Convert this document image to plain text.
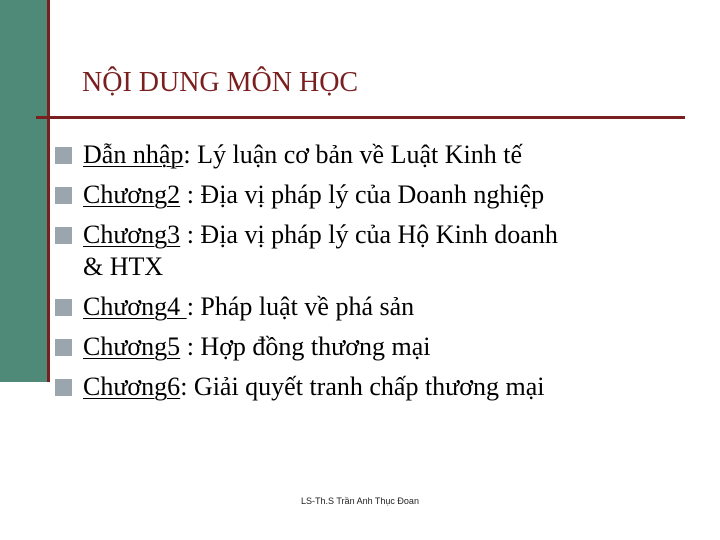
NỘI DUNG MÔN HỌC
Dẫn nhập: Lý luận cơ bản về Luật Kinh tế
Chương2 : Địa vị pháp lý của Doanh nghiệp
Chương3 : Địa vị pháp lý của Hộ Kinh doanh
& HTX
Chương4 : Pháp luật về phá sản
Chương5 : Hợp đồng thương mại
Chương6: Giải quyết tranh chấp thương mại
LS-Th.S Trần Anh Thục Đoan
